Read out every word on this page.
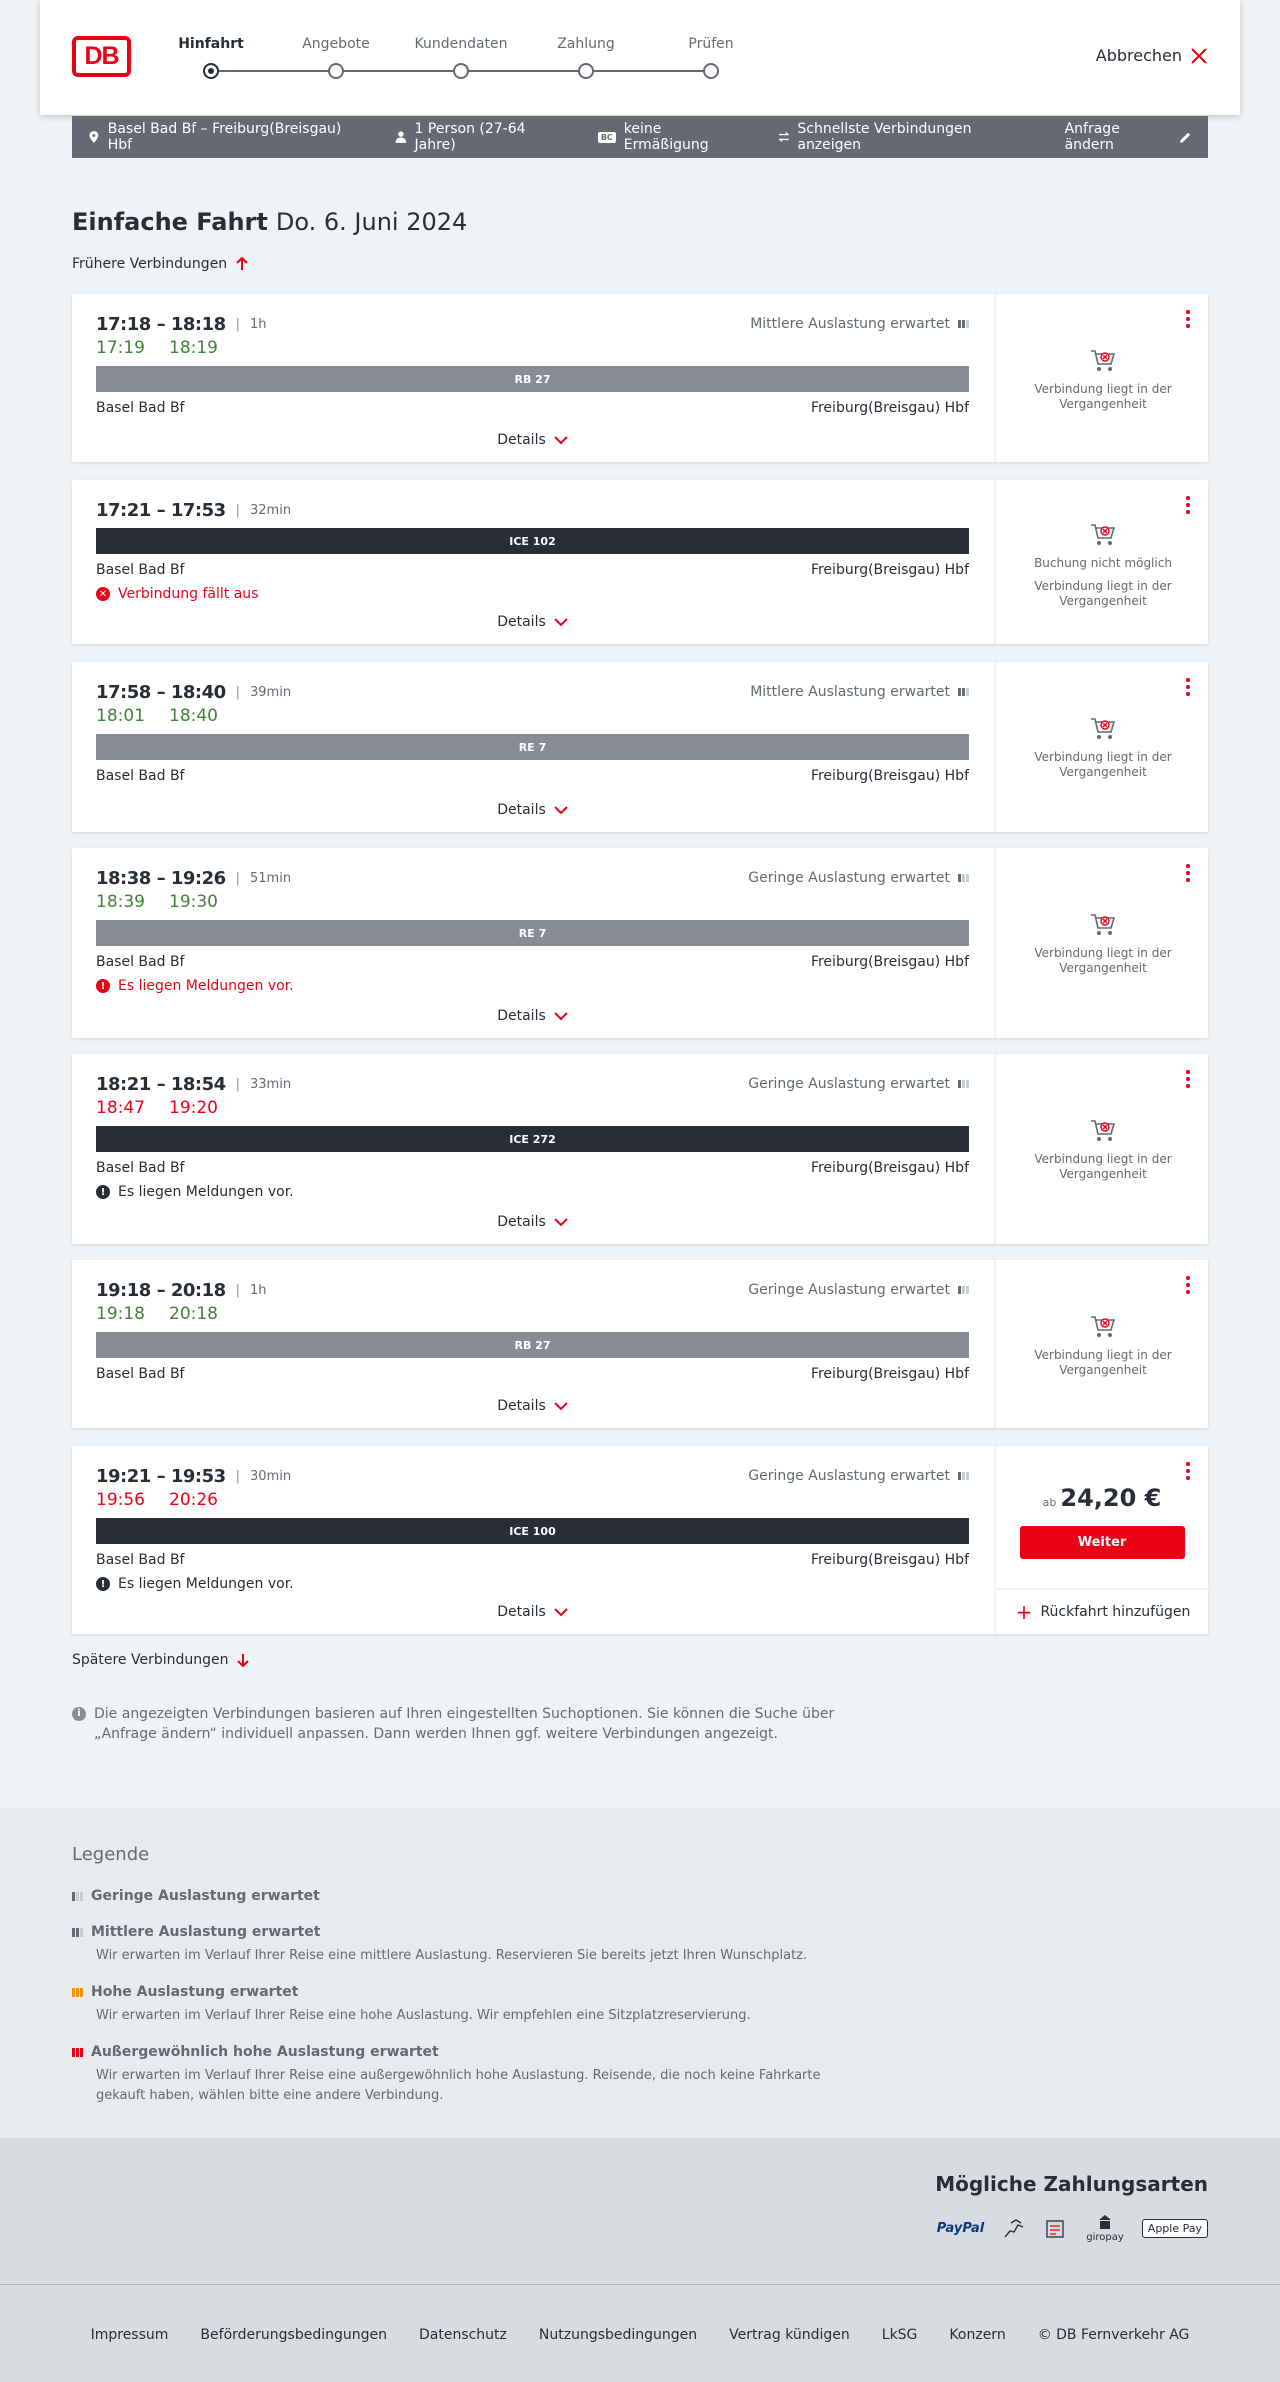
DB	Hinfahrt	Angebote	Kundendaten	Zahlung	Prüfen
Abbrechen
Basel Bad Bf – Freiburg(Breisgau) Hbf
1 Person (27-64 Jahre)	BC keine Ermäßigung
Schnellste Verbindungen anzeigen
Anfrage ändern
Einfache Fahrt Do. 6. Juni 2024
Frühere Verbindungen
17:18 – 18:18 | 1h	Mittlere Auslastung erwartet
17:19 18:19
RB 27
Basel Bad Bf	Freiburg(Breisgau) Hbf
Details
Verbindung liegt in der Vergangenheit
17:21 – 17:53 | 32min
ICE 102
Basel Bad Bf	Freiburg(Breisgau) Hbf
✕ Verbindung fällt aus
Details
Buchung nicht möglich
Verbindung liegt in der Vergangenheit
17:58 – 18:40 | 39min	Mittlere Auslastung erwartet
18:01 18:40
RE 7
Basel Bad Bf	Freiburg(Breisgau) Hbf
Details
Verbindung liegt in der Vergangenheit
18:38 – 19:26 | 51min	Geringe Auslastung erwartet
18:39 19:30
RE 7
Basel Bad Bf	Freiburg(Breisgau) Hbf
! Es liegen Meldungen vor.
Details
Verbindung liegt in der Vergangenheit
18:21 – 18:54 | 33min	Geringe Auslastung erwartet
18:47 19:20
ICE 272
Basel Bad Bf	Freiburg(Breisgau) Hbf
! Es liegen Meldungen vor.
Details
Verbindung liegt in der Vergangenheit
19:18 – 20:18 | 1h	Geringe Auslastung erwartet
19:18 20:18
RB 27
Basel Bad Bf	Freiburg(Breisgau) Hbf
Details
Verbindung liegt in der Vergangenheit
19:21 – 19:53 | 30min	Geringe Auslastung erwartet
19:56 20:26
ICE 100
Basel Bad Bf	Freiburg(Breisgau) Hbf
! Es liegen Meldungen vor.
Details
ab 24,20 €
Weiter
+ Rückfahrt hinzufügen
Spätere Verbindungen
i Die angezeigten Verbindungen basieren auf Ihren eingestellten Suchoptionen. Sie können die Suche über „Anfrage ändern“ individuell anpassen. Dann werden Ihnen ggf. weitere Verbindungen angezeigt.
Legende
Geringe Auslastung erwartet
Mittlere Auslastung erwartet
Wir erwarten im Verlauf Ihrer Reise eine mittlere Auslastung. Reservieren Sie bereits jetzt Ihren Wunschplatz.
Hohe Auslastung erwartet
Wir erwarten im Verlauf Ihrer Reise eine hohe Auslastung. Wir empfehlen eine Sitzplatzreservierung.
Außergewöhnlich hohe Auslastung erwartet
Wir erwarten im Verlauf Ihrer Reise eine außergewöhnlich hohe Auslastung. Reisende, die noch keine Fahrkarte gekauft haben, wählen bitte eine andere Verbindung.
Mögliche Zahlungsarten
PayPal
giropay
Apple Pay
Impressum Beförderungsbedingungen Datenschutz Nutzungsbedingungen Vertrag kündigen LkSG Konzern © DB Fernverkehr AG
